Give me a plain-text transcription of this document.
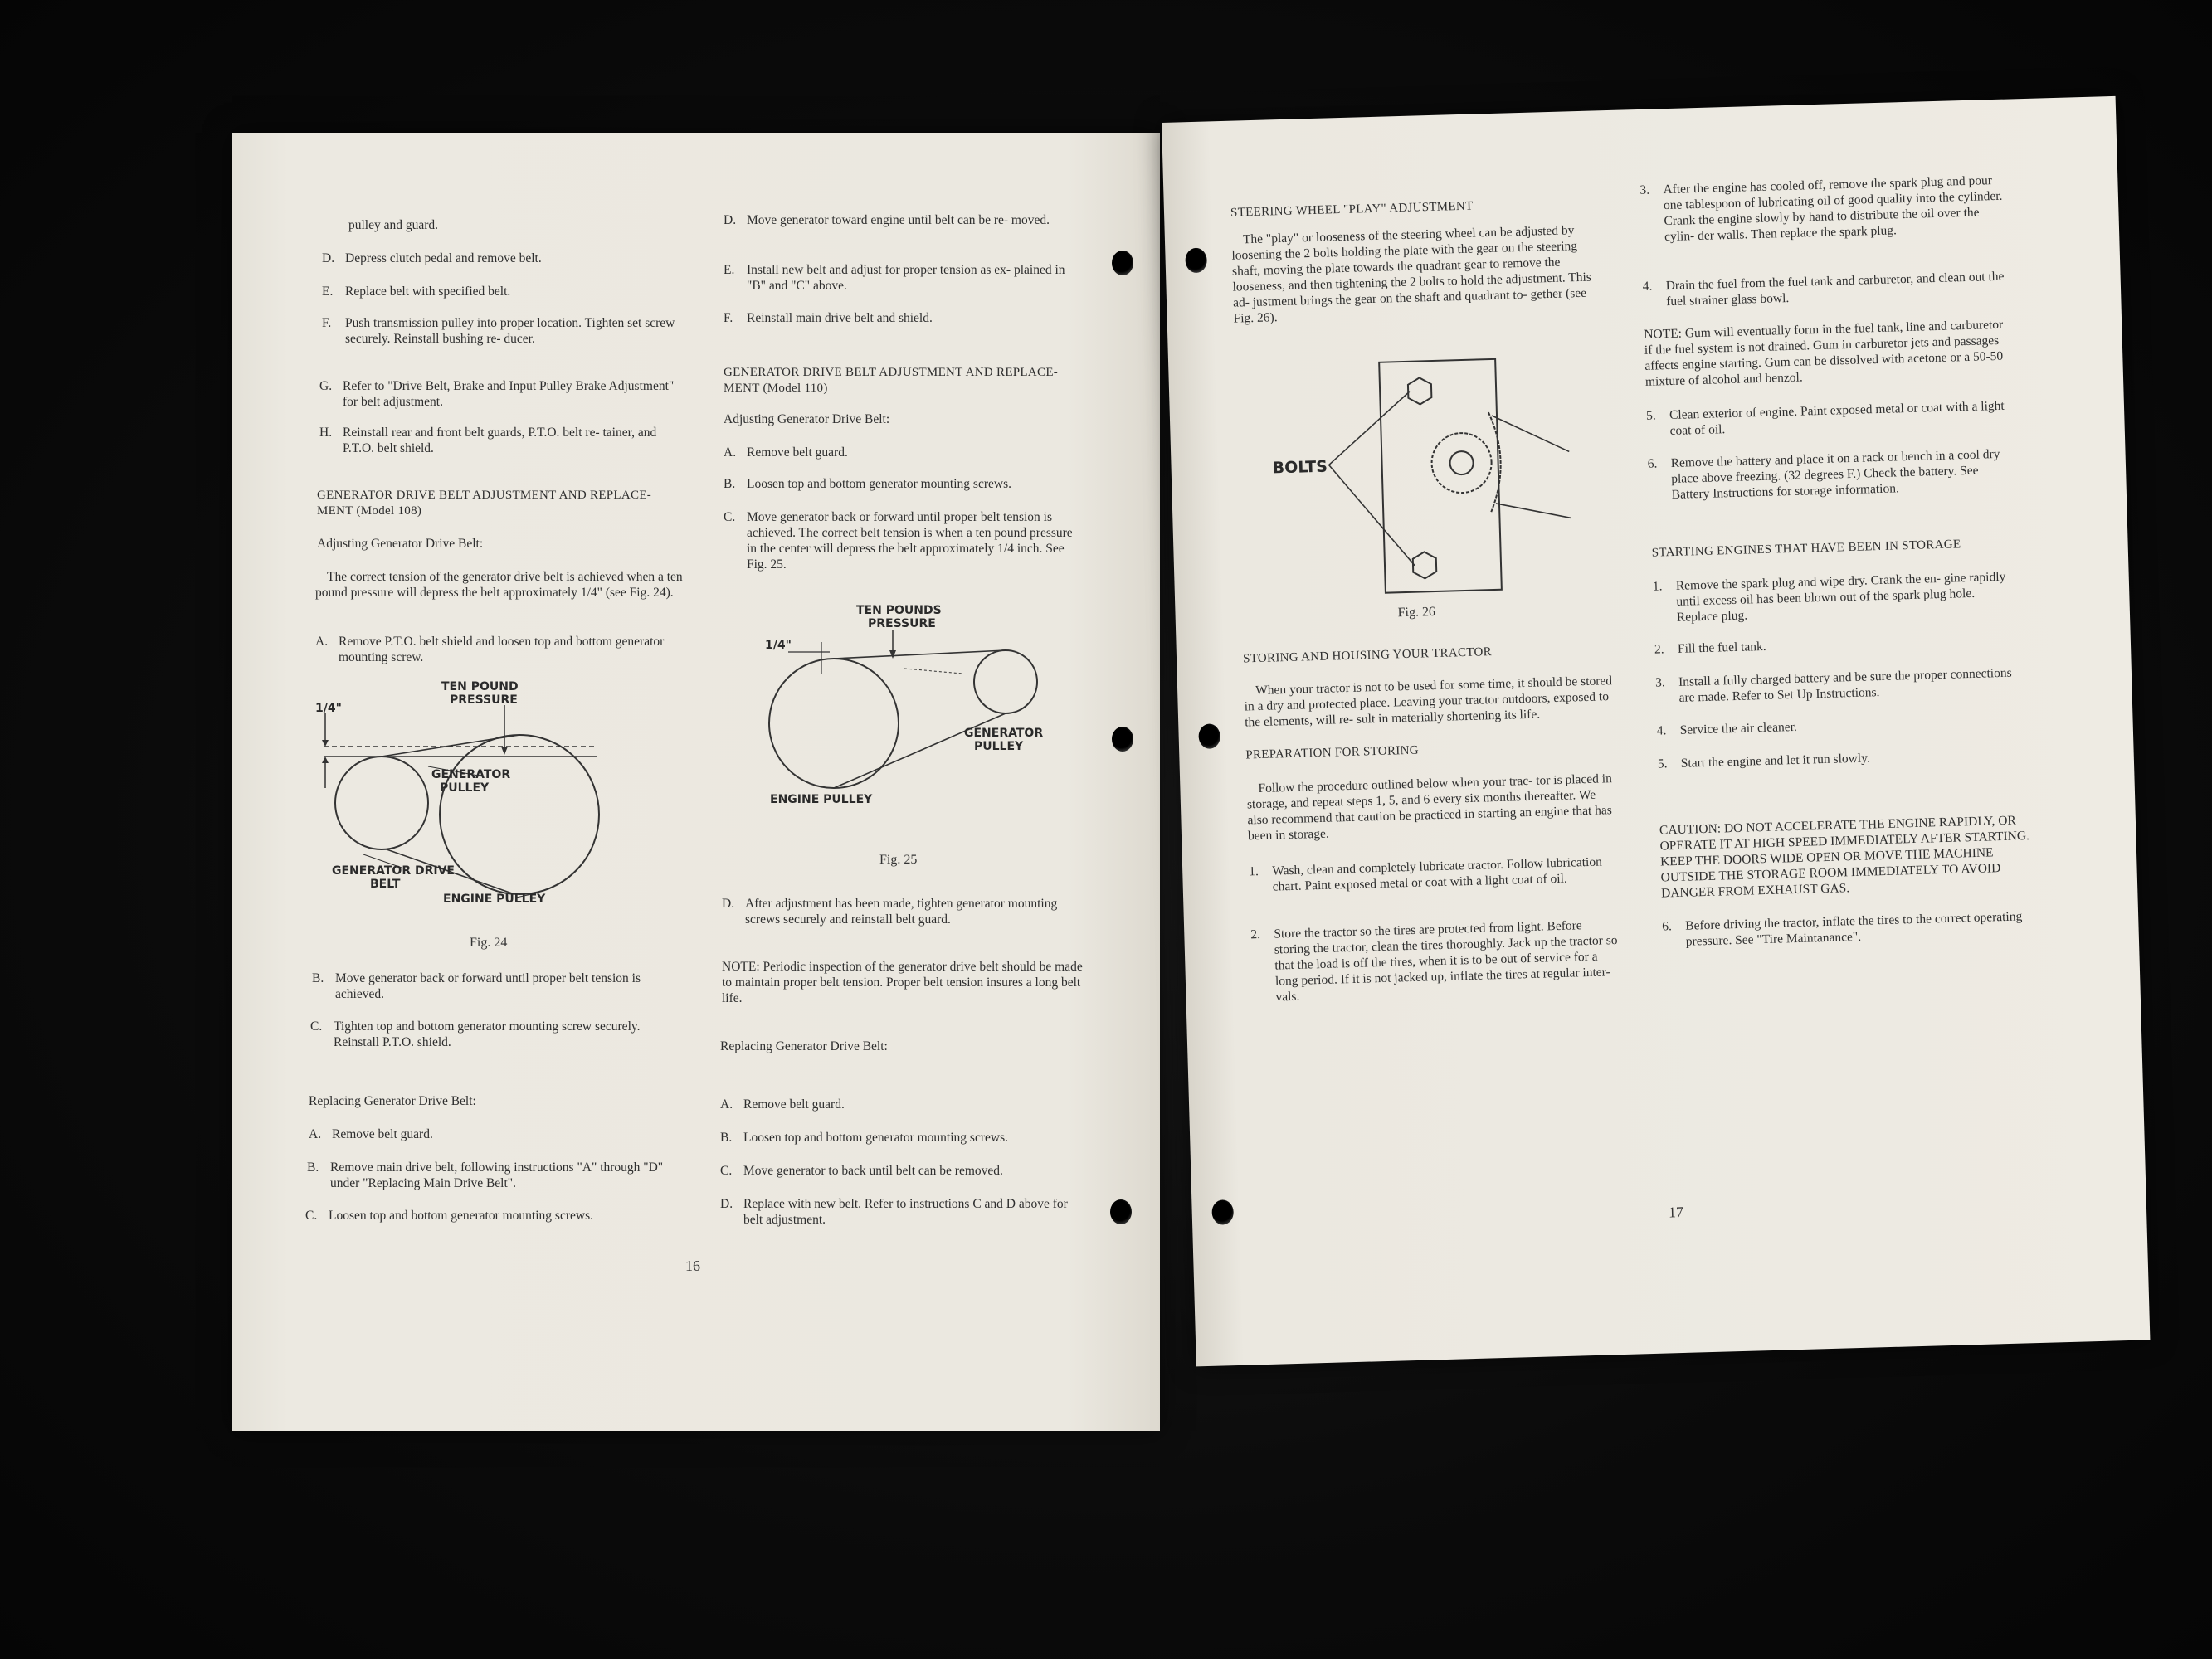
pulley and guard.
D. Depress clutch pedal and remove belt.
E. Replace belt with specified belt.
F. Push transmission pulley into proper location. Tighten set screw securely. Reinstall bushing re- ducer.
G. Refer to "Drive Belt, Brake and Input Pulley Brake Adjustment" for belt adjustment.
H. Reinstall rear and front belt guards, P.T.O. belt re- tainer, and P.T.O. belt shield.
GENERATOR DRIVE BELT ADJUSTMENT AND REPLACE- MENT (Model 108)
Adjusting Generator Drive Belt:
The correct tension of the generator drive belt is achieved when a ten pound pressure will depress the belt approximately 1/4" (see Fig. 24).
A. Remove P.T.O. belt shield and loosen top and bottom generator mounting screw.
1/4"
TEN POUND
PRESSURE
GENERATOR
PULLEY
GENERATOR DRIVE
BELT
ENGINE PULLEY
Fig. 24
B. Move generator back or forward until proper belt tension is achieved.
C. Tighten top and bottom generator mounting screw securely. Reinstall P.T.O. shield.
Replacing Generator Drive Belt:
A. Remove belt guard.
B. Remove main drive belt, following instructions "A" through "D" under "Replacing Main Drive Belt".
C. Loosen top and bottom generator mounting screws.
D. Move generator toward engine until belt can be re- moved.
E. Install new belt and adjust for proper tension as ex- plained in "B" and "C" above.
F. Reinstall main drive belt and shield.
GENERATOR DRIVE BELT ADJUSTMENT AND REPLACE- MENT (Model 110)
Adjusting Generator Drive Belt:
A. Remove belt guard.
B. Loosen top and bottom generator mounting screws.
C. Move generator back or forward until proper belt tension is achieved. The correct belt tension is when a ten pound pressure in the center will depress the belt approximately 1/4 inch. See Fig. 25.
1/4"
TEN POUNDS
PRESSURE
GENERATOR
PULLEY
ENGINE PULLEY
Fig. 25
D. After adjustment has been made, tighten generator mounting screws securely and reinstall belt guard.
NOTE: Periodic inspection of the generator drive belt should be made to maintain proper belt tension. Proper belt tension insures a long belt life.
Replacing Generator Drive Belt:
A. Remove belt guard.
B. Loosen top and bottom generator mounting screws.
C. Move generator to back until belt can be removed.
D. Replace with new belt. Refer to instructions C and D above for belt adjustment.
16
STEERING WHEEL "PLAY" ADJUSTMENT
The "play" or looseness of the steering wheel can be adjusted by loosening the 2 bolts holding the plate with the gear on the steering shaft, moving the plate towards the quadrant gear to remove the looseness, and then tightening the 2 bolts to hold the adjustment. This ad- justment brings the gear on the shaft and quadrant to- gether (see Fig. 26).
BOLTS
Fig. 26
STORING AND HOUSING YOUR TRACTOR
When your tractor is not to be used for some time, it should be stored in a dry and protected place. Leaving your tractor outdoors, exposed to the elements, will re- sult in materially shortening its life.
PREPARATION FOR STORING
Follow the procedure outlined below when your trac- tor is placed in storage, and repeat steps 1, 5, and 6 every six months thereafter. We also recommend that caution be practiced in starting an engine that has been in storage.
1. Wash, clean and completely lubricate tractor. Follow lubrication chart. Paint exposed metal or coat with a light coat of oil.
2. Store the tractor so the tires are protected from light. Before storing the tractor, clean the tires thoroughly. Jack up the tractor so that the load is off the tires, when it is to be out of service for a long period. If it is not jacked up, inflate the tires at regular inter- vals.
3. After the engine has cooled off, remove the spark plug and pour one tablespoon of lubricating oil of good quality into the cylinder. Crank the engine slowly by hand to distribute the oil over the cylin- der walls. Then replace the spark plug.
4. Drain the fuel from the fuel tank and carburetor, and clean out the fuel strainer glass bowl.
NOTE: Gum will eventually form in the fuel tank, line and carburetor if the fuel system is not drained. Gum in carburetor jets and passages affects engine starting. Gum can be dissolved with acetone or a 50-50 mixture of alcohol and benzol.
5. Clean exterior of engine. Paint exposed metal or coat with a light coat of oil.
6. Remove the battery and place it on a rack or bench in a cool dry place above freezing. (32 degrees F.) Check the battery. See Battery Instructions for storage information.
STARTING ENGINES THAT HAVE BEEN IN STORAGE
1. Remove the spark plug and wipe dry. Crank the en- gine rapidly until excess oil has been blown out of the spark plug hole. Replace plug.
2. Fill the fuel tank.
3. Install a fully charged battery and be sure the proper connections are made. Refer to Set Up Instructions.
4. Service the air cleaner.
5. Start the engine and let it run slowly.
CAUTION: DO NOT ACCELERATE THE ENGINE RAPIDLY, OR OPERATE IT AT HIGH SPEED IMMEDIATELY AFTER STARTING. KEEP THE DOORS WIDE OPEN OR MOVE THE MACHINE OUTSIDE THE STORAGE ROOM IMMEDIATELY TO AVOID DANGER FROM EXHAUST GAS.
6. Before driving the tractor, inflate the tires to the correct operating pressure. See "Tire Maintanance".
17
